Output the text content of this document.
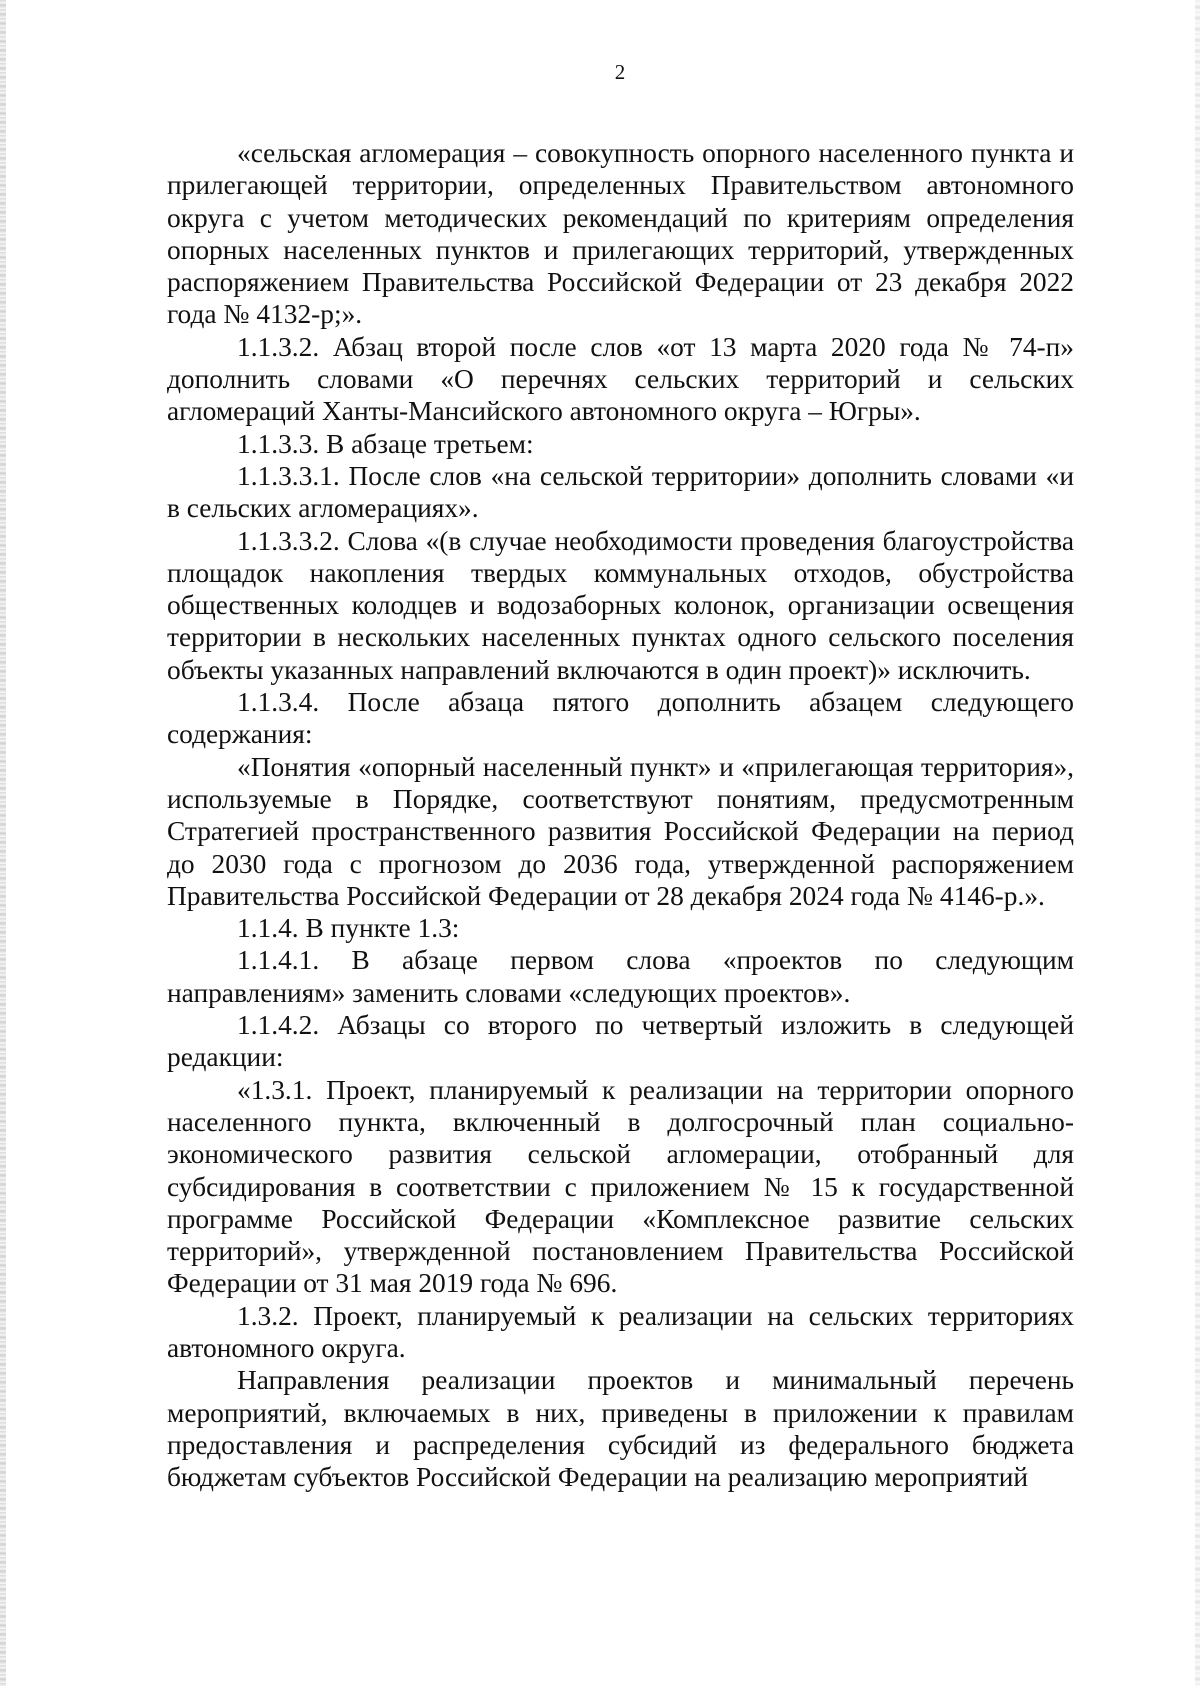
2

«сельская агломерация – совокупность опорного населенного пункта и прилегающей территории, определенных Правительством автономного округа с учетом методических рекомендаций по критериям определения опорных населенных пунктов и прилегающих территорий, утвержденных распоряжением Правительства Российской Федерации от 23 декабря 2022 года № 4132-р;».

1.1.3.2. Абзац второй после слов «от 13 марта 2020 года № 74-п» дополнить словами «О перечнях сельских территорий и сельских агломераций Ханты-Мансийского автономного округа – Югры».

1.1.3.3. В абзаце третьем:

1.1.3.3.1. После слов «на сельской территории» дополнить словами «и в сельских агломерациях».

1.1.3.3.2. Слова «(в случае необходимости проведения благоустройства площадок накопления твердых коммунальных отходов, обустройства общественных колодцев и водозаборных колонок, организации освещения территории в нескольких населенных пунктах одного сельского поселения объекты указанных направлений включаются в один проект)» исключить.

1.1.3.4. После абзаца пятого дополнить абзацем следующего содержания:

«Понятия «опорный населенный пункт» и «прилегающая территория», используемые в Порядке, соответствуют понятиям, предусмотренным Стратегией пространственного развития Российской Федерации на период до 2030 года с прогнозом до 2036 года, утвержденной распоряжением Правительства Российской Федерации от 28 декабря 2024 года № 4146-р.».

1.1.4. В пункте 1.3:

1.1.4.1. В абзаце первом слова «проектов по следующим направлениям» заменить словами «следующих проектов».

1.1.4.2. Абзацы со второго по четвертый изложить в следующей редакции:

«1.3.1. Проект, планируемый к реализации на территории опорного населенного пункта, включенный в долгосрочный план социально-экономического развития сельской агломерации, отобранный для субсидирования в соответствии с приложением № 15 к государственной программе Российской Федерации «Комплексное развитие сельских территорий», утвержденной постановлением Правительства Российской Федерации от 31 мая 2019 года № 696.

1.3.2. Проект, планируемый к реализации на сельских территориях автономного округа.

Направления реализации проектов и минимальный перечень мероприятий, включаемых в них, приведены в приложении к правилам предоставления и распределения субсидий из федерального бюджета бюджетам субъектов Российской Федерации на реализацию мероприятий
